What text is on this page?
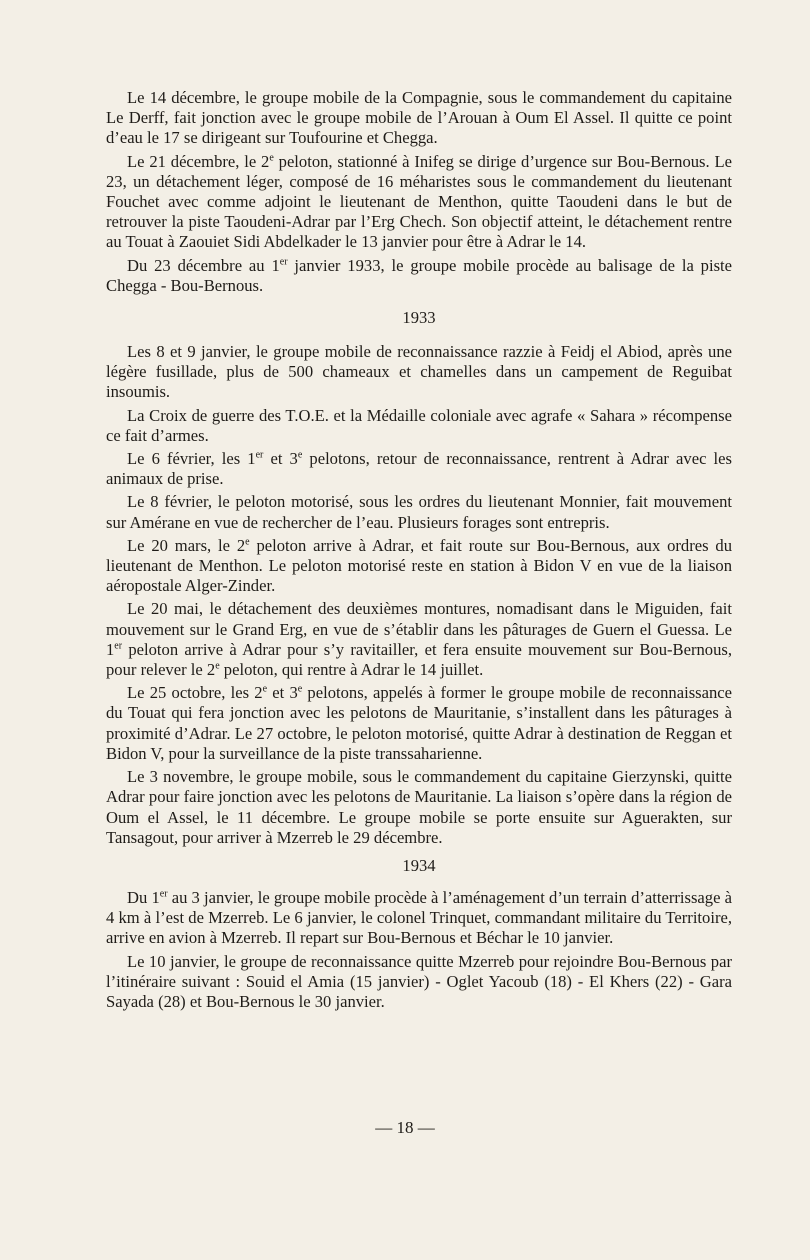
Le 14 décembre, le groupe mobile de la Compagnie, sous le commandement du capitaine Le Derff, fait jonction avec le groupe mobile de l’Arouan à Oum El Assel. Il quitte ce point d’eau le 17 se dirigeant sur Toufourine et Chegga.

Le 21 décembre, le 2e peloton, stationné à Inifeg se dirige d’urgence sur Bou-Bernous. Le 23, un détachement léger, composé de 16 méharistes sous le commandement du lieutenant Fouchet avec comme adjoint le lieutenant de Menthon, quitte Taoudeni dans le but de retrouver la piste Taoudeni-Adrar par l’Erg Chech. Son objectif atteint, le détachement rentre au Touat à Zaouiet Sidi Abdelkader le 13 janvier pour être à Adrar le 14.

Du 23 décembre au 1er janvier 1933, le groupe mobile procède au balisage de la piste Chegga - Bou-Bernous.

1933

Les 8 et 9 janvier, le groupe mobile de reconnaissance razzie à Feidj el Abiod, après une légère fusillade, plus de 500 chameaux et chamelles dans un campement de Reguibat insoumis.

La Croix de guerre des T.O.E. et la Médaille coloniale avec agrafe « Sahara » récompense ce fait d’armes.

Le 6 février, les 1er et 3e pelotons, retour de reconnaissance, rentrent à Adrar avec les animaux de prise.

Le 8 février, le peloton motorisé, sous les ordres du lieutenant Monnier, fait mouvement sur Amérane en vue de rechercher de l’eau. Plusieurs forages sont entrepris.

Le 20 mars, le 2e peloton arrive à Adrar, et fait route sur Bou-Bernous, aux ordres du lieutenant de Menthon. Le peloton motorisé reste en station à Bidon V en vue de la liaison aéropostale Alger-Zinder.

Le 20 mai, le détachement des deuxièmes montures, nomadisant dans le Miguiden, fait mouvement sur le Grand Erg, en vue de s’établir dans les pâturages de Guern el Guessa. Le 1er peloton arrive à Adrar pour s’y ravitailler, et fera ensuite mouvement sur Bou-Bernous, pour relever le 2e peloton, qui rentre à Adrar le 14 juillet.

Le 25 octobre, les 2e et 3e pelotons, appelés à former le groupe mobile de reconnaissance du Touat qui fera jonction avec les pelotons de Mauritanie, s’installent dans les pâturages à proximité d’Adrar. Le 27 octobre, le peloton motorisé, quitte Adrar à destination de Reggan et Bidon V, pour la surveillance de la piste transsaharienne.

Le 3 novembre, le groupe mobile, sous le commandement du capitaine Gierzynski, quitte Adrar pour faire jonction avec les pelotons de Mauritanie. La liaison s’opère dans la région de Oum el Assel, le 11 décembre. Le groupe mobile se porte ensuite sur Aguerakten, sur Tansagout, pour arriver à Mzerreb le 29 décembre.

1934

Du 1er au 3 janvier, le groupe mobile procède à l’aménagement d’un terrain d’atterrissage à 4 km à l’est de Mzerreb. Le 6 janvier, le colonel Trinquet, commandant militaire du Territoire, arrive en avion à Mzerreb. Il repart sur Bou-Bernous et Béchar le 10 janvier.

Le 10 janvier, le groupe de reconnaissance quitte Mzerreb pour rejoindre Bou-Bernous par l’itinéraire suivant : Souid el Amia (15 janvier) - Oglet Yacoub (18) - El Khers (22) - Gara Sayada (28) et Bou-Bernous le 30 janvier.

— 18 —
